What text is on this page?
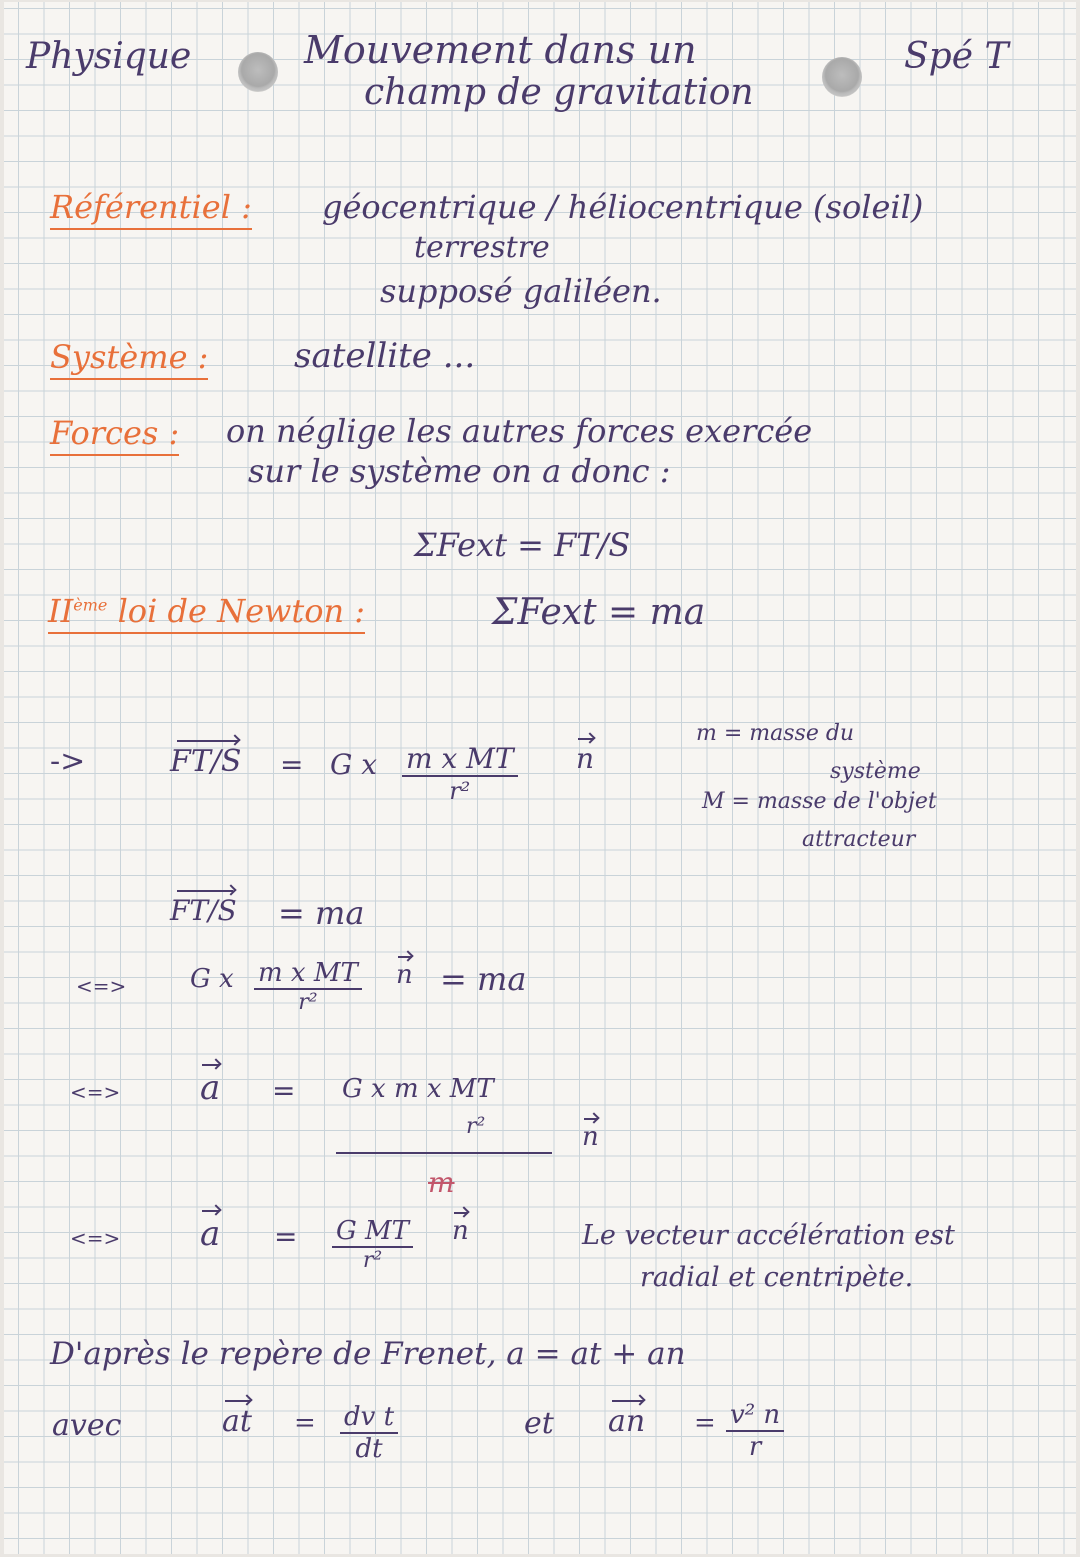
Physique	Mouvement dans un
champ de gravitation
Spé T
Référentiel : géocentrique / héliocentrique (soleil)
terrestre
supposé galiléen.
Système :	satellite ...
Forces : on néglige les autres forces exercée
sur le système on a donc :
ΣFext = FT/S
IIème loi de Newton :	ΣFext = ma
m = masse du
système
M = masse de l'objet
attracteur
->	FT/S = G x $\frac{\text{m x MT}}{\text{r²}}$ n
FT/S = ma
<=> G x m x MT
r²
n = ma
<=> a = G x m x MT
r²
m
n
<=> a = G MT
r²
n	Le vecteur accélération est
radial et centripète.
D'après le repère de Frenet, a = at + an
avec	at = $\frac{\text{dv t}}{dt}$	et an = $\frac{\text{v² n}}{r}$
